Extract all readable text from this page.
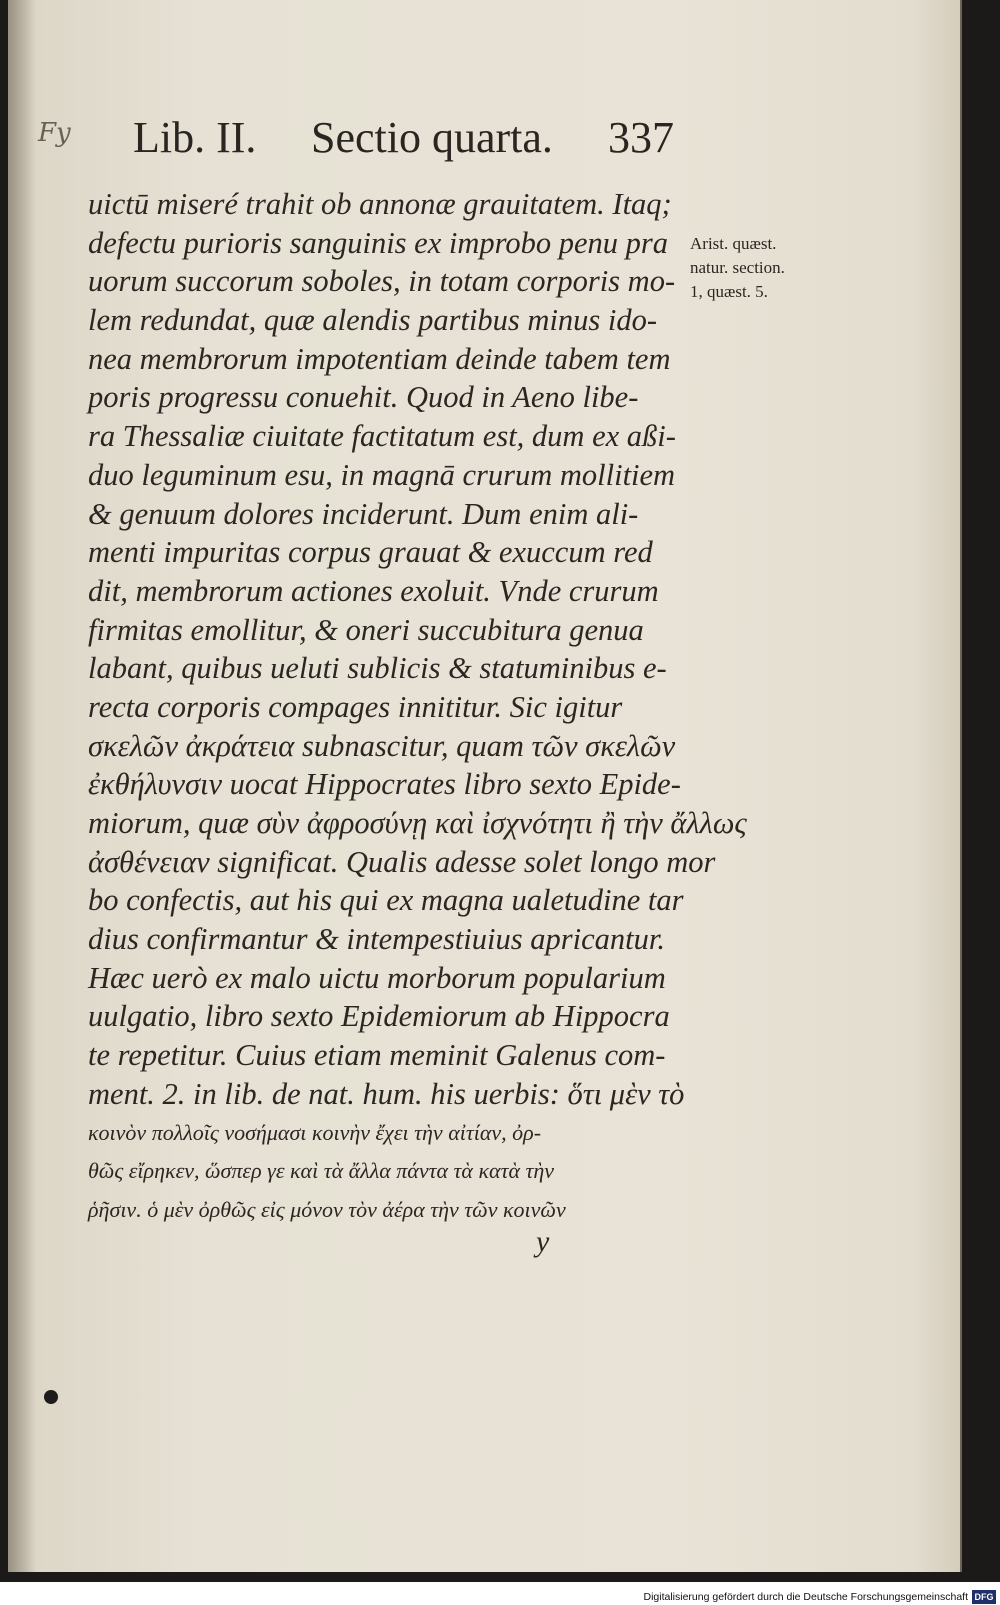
Fy Lib. II. Sectio quarta. 337
uictū miseré trahit ob annonæ grauitatem. Itaq;
defectu purioris sanguinis ex improbo penu pra
uorum succorum soboles, in totam corporis mo-
lem redundat, quæ alendis partibus minus ido-
nea membrorum impotentiam deinde tabem tem
poris progressu conuehit. Quod in Aeno libe-
ra Thessaliæ ciuitate factitatum est, dum ex aßi-
duo leguminum esu, in magnā crurum mollitiem
& genuum dolores inciderunt. Dum enim ali-
menti impuritas corpus grauat & exuccum red
dit, membrorum actiones exoluit. Vnde crurum
firmitas emollitur, & oneri succubitura genua
labant, quibus ueluti sublicis & statuminibus e-
recta corporis compages innititur. Sic igitur
σκελῶν ἀκράτεια subnascitur, quam τῶν σκελῶν
ἐκθήλυνσιν uocat Hippocrates libro sexto Epide-
miorum, quæ σὺν ἀφροσύνῃ καὶ ἰσχνότητι ἢ τὴν ἄλλως
ἀσθένειαν significat. Qualis adesse solet longo mor
bo confectis, aut his qui ex magna ualetudine tar
dius confirmantur & intempestiuius apricantur.
Hæc uerò ex malo uictu morborum popularium
uulgatio, libro sexto Epidemiorum ab Hippocra
te repetitur. Cuius etiam meminit Galenus com-
ment. 2. in lib. de nat. hum. his uerbis: ὅτι μὲν τὸ
κοινὸν πολλοῖς νοσήμασι κοινὴν ἔχει τὴν αἰτίαν, ὀρ-
θῶς εἴρηκεν, ὥσπερ γε καὶ τὰ ἄλλα πάντα τὰ κατὰ τὴν
ῥῆσιν. ὁ μὲν ὀρθῶς εἰς μόνον τὸν ἀέρα τὴν τῶν κοινῶν
Arist. quæst.
natur. section.
1, quæst. 5.
y
Digitalisierung gefördert durch die Deutsche Forschungsgemeinschaft DFG
